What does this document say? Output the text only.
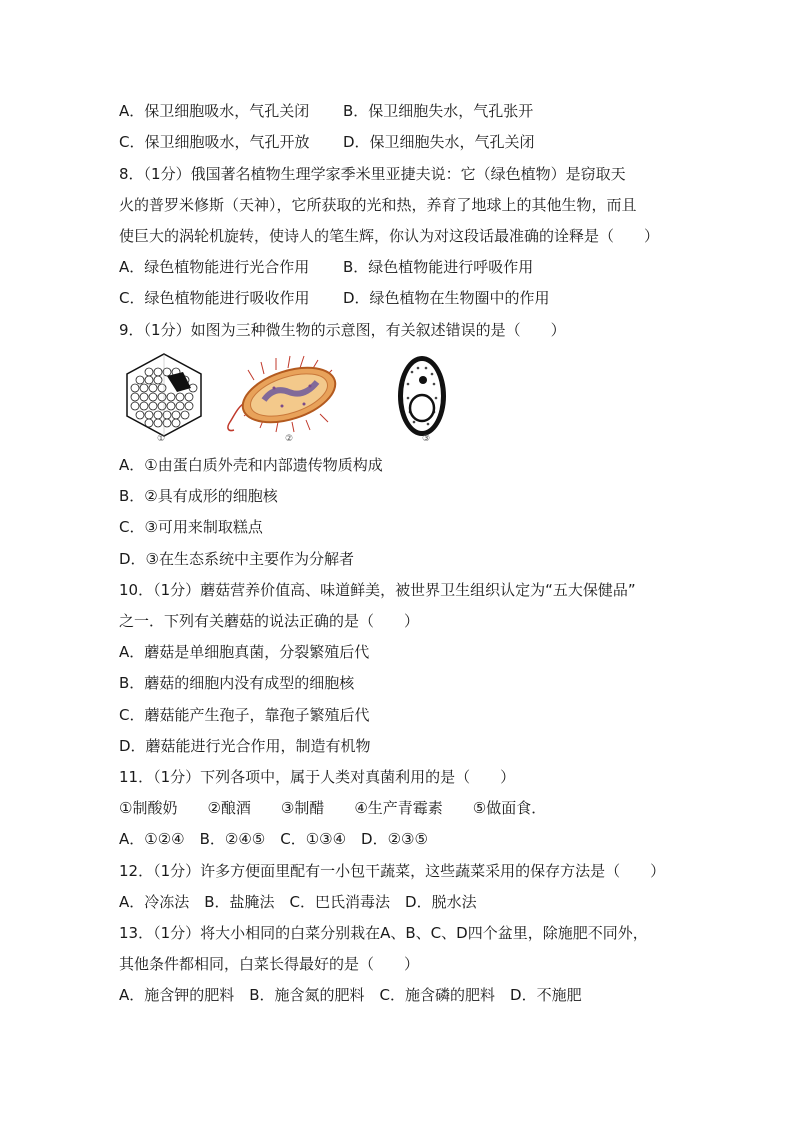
A．保卫细胞吸水，气孔关闭 B．保卫细胞失水，气孔张开
C．保卫细胞吸水，气孔开放 D．保卫细胞失水，气孔关闭
8．（1分）俄国著名植物生理学家季米里亚捷夫说：它（绿色植物）是窃取天
火的普罗米修斯（天神），它所获取的光和热，养育了地球上的其他生物，而且
使巨大的涡轮机旋转，使诗人的笔生辉，你认为对这段话最准确的诠释是（　　）
A．绿色植物能进行光合作用 B．绿色植物能进行呼吸作用
C．绿色植物能进行吸收作用 D．绿色植物在生物圈中的作用
9．（1分）如图为三种微生物的示意图，有关叙述错误的是（　　）
①	②	③
A．①由蛋白质外壳和内部遗传物质构成
B．②具有成形的细胞核
C．③可用来制取糕点
D．③在生态系统中主要作为分解者
10．（1分）蘑菇营养价值高、味道鲜美，被世界卫生组织认定为“五大保健品”
之一．下列有关蘑菇的说法正确的是（　　）
A．蘑菇是单细胞真菌，分裂繁殖后代
B．蘑菇的细胞内没有成型的细胞核
C．蘑菇能产生孢子，靠孢子繁殖后代
D．蘑菇能进行光合作用，制造有机物
11．（1分）下列各项中，属于人类对真菌利用的是（　　）
①制酸奶　　②酿酒　　③制醋　　④生产青霉素　　⑤做面食．
A．①②④　B．②④⑤　C．①③④　D．②③⑤
12．（1分）许多方便面里配有一小包干蔬菜，这些蔬菜采用的保存方法是（　　）
A．冷冻法　B．盐腌法　C．巴氏消毒法　D．脱水法
13．（1分）将大小相同的白菜分别栽在A、B、C、D四个盆里，除施肥不同外，
其他条件都相同，白菜长得最好的是（　　）
A．施含钾的肥料　B．施含氮的肥料　C．施含磷的肥料　D．不施肥
